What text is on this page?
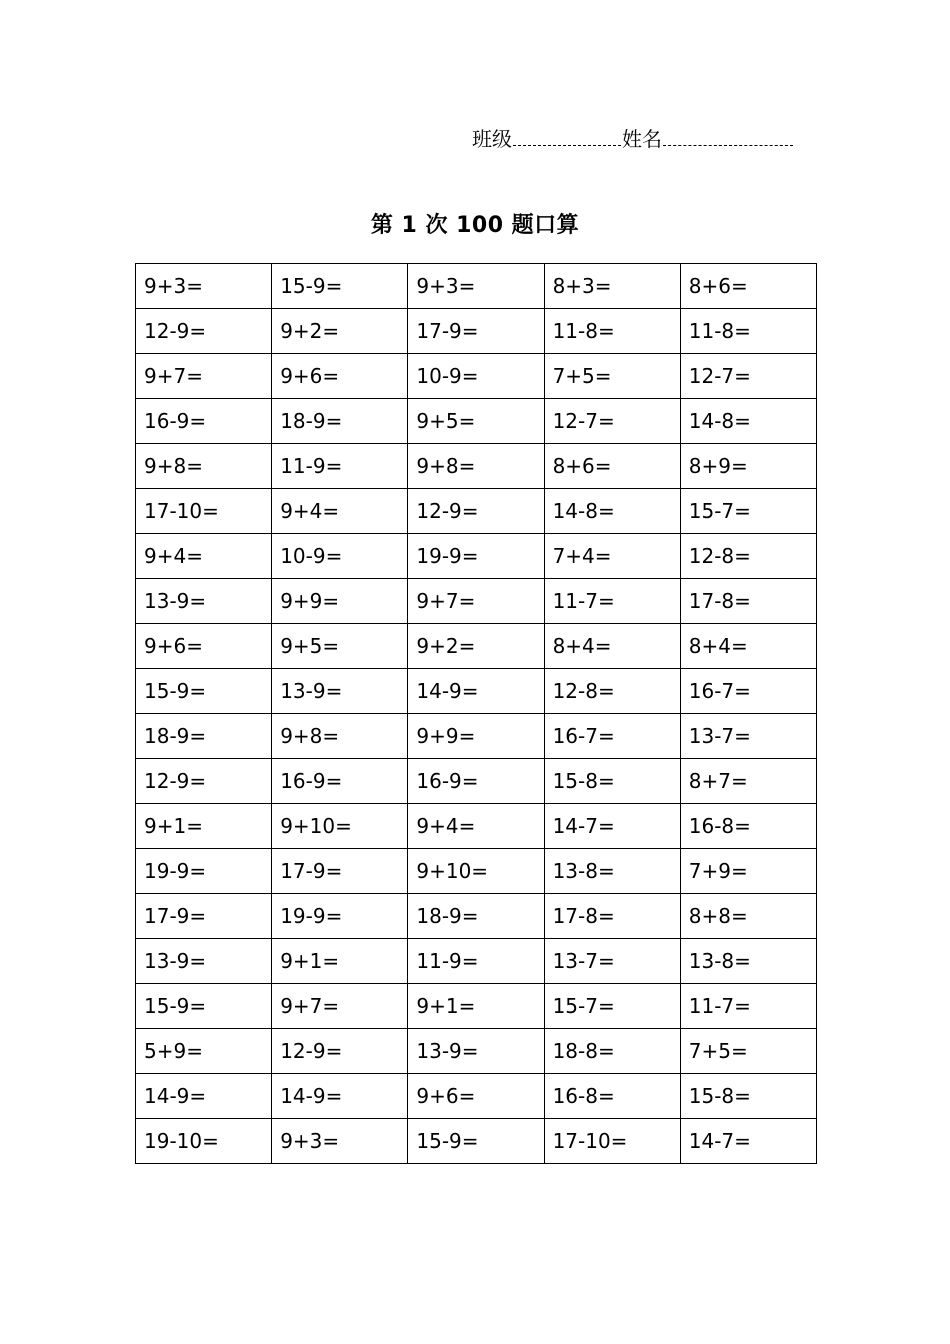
班级	姓名
第 1 次 100 题口算
9+3=	15-9=	9+3=	8+3=	8+6=
12-9=	9+2=	17-9=	11-8=	11-8=
9+7=	9+6=	10-9=	7+5=	12-7=
16-9=	18-9=	9+5=	12-7=	14-8=
9+8=	11-9=	9+8=	8+6=	8+9=
17-10=	9+4=	12-9=	14-8=	15-7=
9+4=	10-9=	19-9=	7+4=	12-8=
13-9=	9+9=	9+7=	11-7=	17-8=
9+6=	9+5=	9+2=	8+4=	8+4=
15-9=	13-9=	14-9=	12-8=	16-7=
18-9=	9+8=	9+9=	16-7=	13-7=
12-9=	16-9=	16-9=	15-8=	8+7=
9+1=	9+10=	9+4=	14-7=	16-8=
19-9=	17-9=	9+10=	13-8=	7+9=
17-9=	19-9=	18-9=	17-8=	8+8=
13-9=	9+1=	11-9=	13-7=	13-8=
15-9=	9+7=	9+1=	15-7=	11-7=
5+9=	12-9=	13-9=	18-8=	7+5=
14-9=	14-9=	9+6=	16-8=	15-8=
19-10=	9+3=	15-9=	17-10=	14-7=
